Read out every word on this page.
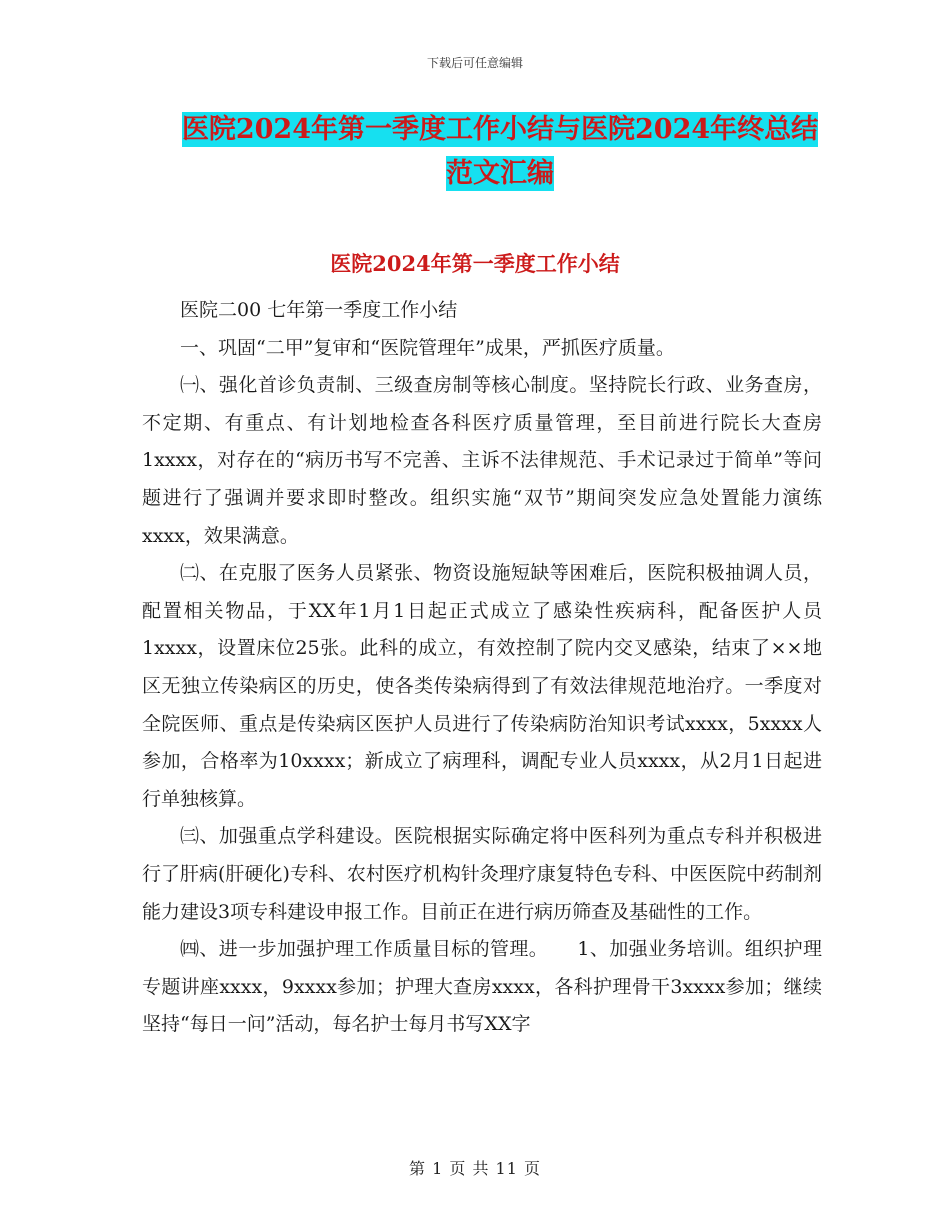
下载后可任意编辑
医院2024年第一季度工作小结与医院2024年终总结
范文汇编
医院2024年第一季度工作小结

医院二00 七年第一季度工作小结

一、巩固“二甲”复审和“医院管理年”成果，严抓医疗质量。

㈠、强化首诊负责制、三级查房制等核心制度。坚持院长行政、业务查房，不定期、有重点、有计划地检查各科医疗质量管理，至目前进行院长大查房1xxxx，对存在的“病历书写不完善、主诉不法律规范、手术记录过于简单”等问题进行了强调并要求即时整改。组织实施“双节”期间突发应急处置能力演练xxxx，效果满意。

㈡、在克服了医务人员紧张、物资设施短缺等困难后，医院积极抽调人员，配置相关物品，于XX年1月1日起正式成立了感染性疾病科，配备医护人员1xxxx，设置床位25张。此科的成立，有效控制了院内交叉感染，结束了××地区无独立传染病区的历史，使各类传染病得到了有效法律规范地治疗。一季度对全院医师、重点是传染病区医护人员进行了传染病防治知识考试xxxx，5xxxx人参加，合格率为10xxxx；新成立了病理科，调配专业人员xxxx，从2月1日起进行单独核算。

㈢、加强重点学科建设。医院根据实际确定将中医科列为重点专科并积极进行了肝病(肝硬化)专科、农村医疗机构针灸理疗康复特色专科、中医医院中药制剂能力建设3项专科建设申报工作。目前正在进行病历筛查及基础性的工作。

㈣、进一步加强护理工作质量目标的管理。　　1、加强业务培训。组织护理专题讲座xxxx，9xxxx参加；护理大查房xxxx，各科护理骨干3xxxx参加；继续坚持“每日一问”活动，每名护士每月书写XX字

第 1 页 共 11 页
